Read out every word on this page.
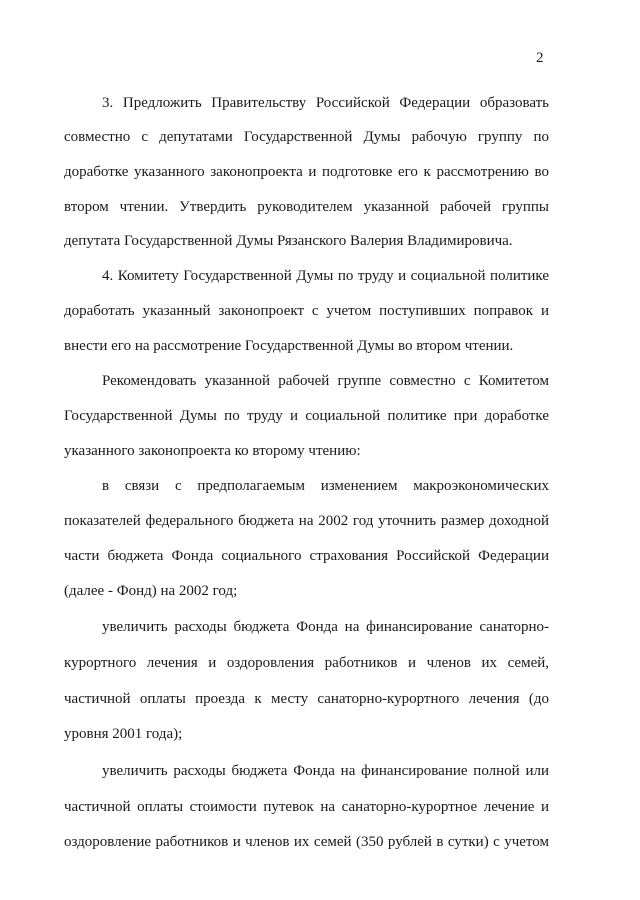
2
3. Предложить Правительству Российской Федерации образовать
совместно с депутатами Государственной Думы рабочую группу по
доработке указанного законопроекта и подготовке его к рассмотрению во
втором чтении. Утвердить руководителем указанной рабочей группы
депутата Государственной Думы Рязанского Валерия Владимировича.
4. Комитету Государственной Думы по труду и социальной политике
доработать указанный законопроект с учетом поступивших поправок и
внести его на рассмотрение Государственной Думы во втором чтении.
Рекомендовать указанной рабочей группе совместно с Комитетом
Государственной Думы по труду и социальной политике при доработке
указанного законопроекта ко второму чтению:
в связи с предполагаемым изменением макроэкономических
показателей федерального бюджета на 2002 год уточнить размер доходной
части бюджета Фонда социального страхования Российской Федерации
(далее - Фонд) на 2002 год;
увеличить расходы бюджета Фонда на финансирование санаторно-
курортного лечения и оздоровления работников и членов их семей,
частичной оплаты проезда к месту санаторно-курортного лечения (до
уровня 2001 года);
увеличить расходы бюджета Фонда на финансирование полной или
частичной оплаты стоимости путевок на санаторно-курортное лечение и
оздоровление работников и членов их семей (350 рублей в сутки) с учетом
